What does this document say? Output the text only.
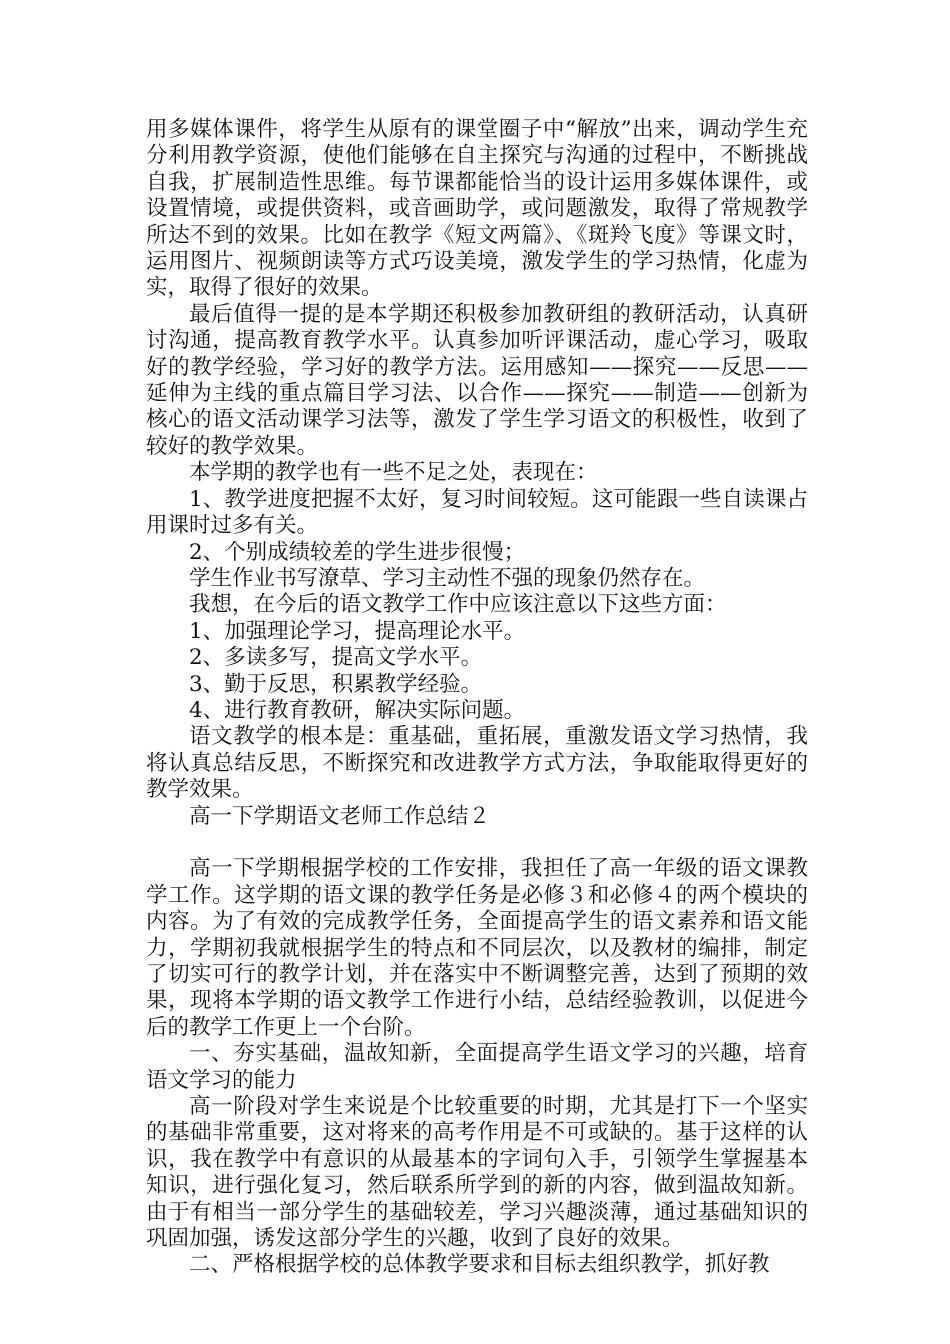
用多媒体课件，将学生从原有的课堂圈子中“解放”出来，调动学生充分利用教学资源，使他们能够在自主探究与沟通的过程中，不断挑战自我，扩展制造性思维。每节课都能恰当的设计运用多媒体课件，或设置情境，或提供资料，或音画助学，或问题激发，取得了常规教学所达不到的效果。比如在教学《短文两篇》、《斑羚飞度》等课文时，运用图片、视频朗读等方式巧设美境，激发学生的学习热情，化虚为实，取得了很好的效果。

最后值得一提的是本学期还积极参加教研组的教研活动，认真研讨沟通，提高教育教学水平。认真参加听评课活动，虚心学习，吸取好的教学经验，学习好的教学方法。运用感知——探究——反思——延伸为主线的重点篇目学习法、以合作——探究——制造——创新为核心的语文活动课学习法等，激发了学生学习语文的积极性，收到了较好的教学效果。

本学期的教学也有一些不足之处，表现在：

1、教学进度把握不太好，复习时间较短。这可能跟一些自读课占用课时过多有关。

2、个别成绩较差的学生进步很慢；

学生作业书写潦草、学习主动性不强的现象仍然存在。

我想，在今后的语文教学工作中应该注意以下这些方面：

1、加强理论学习，提高理论水平。

2、多读多写，提高文学水平。

3、勤于反思，积累教学经验。

4、进行教育教研，解决实际问题。

语文教学的根本是：重基础，重拓展，重激发语文学习热情，我将认真总结反思，不断探究和改进教学方式方法，争取能取得更好的教学效果。

高一下学期语文老师工作总结２

高一下学期根据学校的工作安排，我担任了高一年级的语文课教学工作。这学期的语文课的教学任务是必修３和必修４的两个模块的内容。为了有效的完成教学任务，全面提高学生的语文素养和语文能力，学期初我就根据学生的特点和不同层次，以及教材的编排，制定了切实可行的教学计划，并在落实中不断调整完善，达到了预期的效果，现将本学期的语文教学工作进行小结，总结经验教训，以促进今后的教学工作更上一个台阶。

一、夯实基础，温故知新，全面提高学生语文学习的兴趣，培育语文学习的能力

高一阶段对学生来说是个比较重要的时期，尤其是打下一个坚实的基础非常重要，这对将来的高考作用是不可或缺的。基于这样的认识，我在教学中有意识的从最基本的字词句入手，引领学生掌握基本知识，进行强化复习，然后联系所学到的新的内容，做到温故知新。由于有相当一部分学生的基础较差，学习兴趣淡薄，通过基础知识的巩固加强，诱发这部分学生的兴趣，收到了良好的效果。

二、严格根据学校的总体教学要求和目标去组织教学，抓好教
